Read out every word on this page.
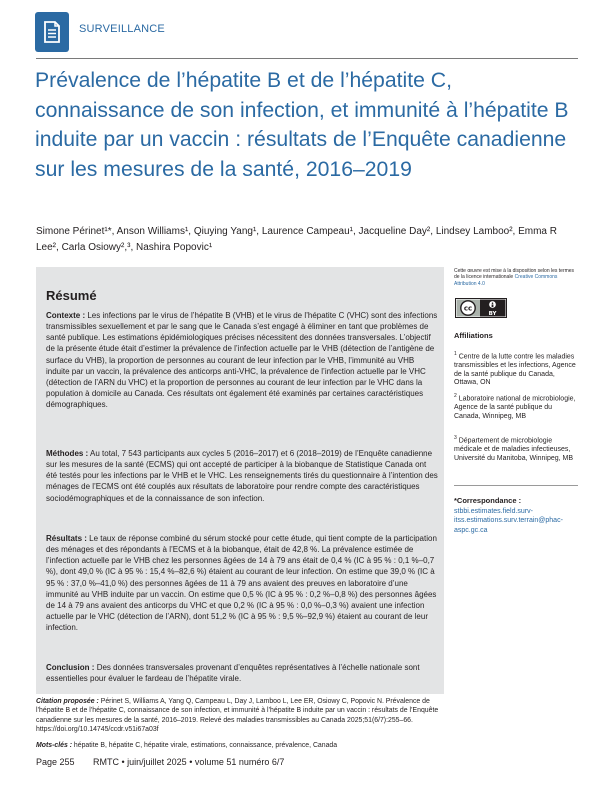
SURVEILLANCE
Prévalence de l’hépatite B et de l’hépatite C, connaissance de son infection, et immunité à l’hépatite B induite par un vaccin : résultats de l’Enquête canadienne sur les mesures de la santé, 2016–2019

Simone Périnet¹*, Anson Williams¹, Qiuying Yang¹, Laurence Campeau¹, Jacqueline Day², Lindsey Lamboo², Emma R Lee², Carla Osiowy²,³, Nashira Popovic¹

Résumé

Contexte : Les infections par le virus de l’hépatite B (VHB) et le virus de l’hépatite C (VHC) sont des infections transmissibles sexuellement et par le sang que le Canada s’est engagé à éliminer en tant que problèmes de santé publique. Les estimations épidémiologiques précises nécessitent des données transversales. L’objectif de la présente étude était d’estimer la prévalence de l’infection actuelle par le VHB (détection de l’antigène de surface du VHB), la proportion de personnes au courant de leur infection par le VHB, l’immunité au VHB induite par un vaccin, la prévalence des anticorps anti-VHC, la prévalence de l’infection actuelle par le VHC (détection de l’ARN du VHC) et la proportion de personnes au courant de leur infection par le VHC dans la population à domicile au Canada. Ces résultats ont également été examinés par certaines caractéristiques démographiques.

Méthodes : Au total, 7 543 participants aux cycles 5 (2016–2017) et 6 (2018–2019) de l’Enquête canadienne sur les mesures de la santé (ECMS) qui ont accepté de participer à la biobanque de Statistique Canada ont été testés pour les infections par le VHB et le VHC. Les renseignements tirés du questionnaire à l’intention des ménages de l’ECMS ont été couplés aux résultats de laboratoire pour rendre compte des caractéristiques sociodémographiques et de la connaissance de son infection.

Résultats : Le taux de réponse combiné du sérum stocké pour cette étude, qui tient compte de la participation des ménages et des répondants à l’ECMS et à la biobanque, était de 42,8 %. La prévalence estimée de l’infection actuelle par le VHB chez les personnes âgées de 14 à 79 ans était de 0,4 % (IC à 95 % : 0,1 %–0,7 %), dont 49,0 % (IC à 95 % : 15,4 %–82,6 %) étaient au courant de leur infection. On estime que 39,0 % (IC à 95 % : 37,0 %–41,0 %) des personnes âgées de 11 à 79 ans avaient des preuves en laboratoire d’une immunité au VHB induite par un vaccin. On estime que 0,5 % (IC à 95 % : 0,2 %–0,8 %) des personnes âgées de 14 à 79 ans avaient des anticorps du VHC et que 0,2 % (IC à 95 % : 0,0 %–0,3 %) avaient une infection actuelle par le VHC (détection de l’ARN), dont 51,2 % (IC à 95 % : 9,5 %–92,9 %) étaient au courant de leur infection.

Conclusion : Des données transversales provenant d’enquêtes représentatives à l’échelle nationale sont essentielles pour évaluer le fardeau de l’hépatite virale.

Cette œuvre est mise à la disposition selon les termes de la licence internationale Creative Commons Attribution 4.0

cc
BY
Affiliations

$^1$ Centre de la lutte contre les maladies transmissibles et les infections, Agence de la santé publique du Canada, Ottawa, ON

$^2$ Laboratoire national de microbiologie, Agence de la santé publique du Canada, Winnipeg, MB

$^3$ Département de microbiologie médicale et de maladies infectieuses, Université du Manitoba, Winnipeg, MB

*Correspondance :

stbbi.estimates.field.surv-itss.estimations.surv.terrain@phac-aspc.gc.ca

Citation proposée : Périnet S, Williams A, Yang Q, Campeau L, Day J, Lamboo L, Lee ER, Osiowy C, Popovic N. Prévalence de l’hépatite B et de l’hépatite C, connaissance de son infection, et immunité à l’hépatite B induite par un vaccin : résultats de l’Enquête canadienne sur les mesures de la santé, 2016–2019. Relevé des maladies transmissibles au Canada 2025;51(6/7):255–66. https://doi.org/10.14745/ccdr.v51i67a03f

Mots-clés : hépatite B, hépatite C, hépatite virale, estimations, connaissance, prévalence, Canada

Page 255 RMTC • juin/juillet 2025 • volume 51 numéro 6/7
